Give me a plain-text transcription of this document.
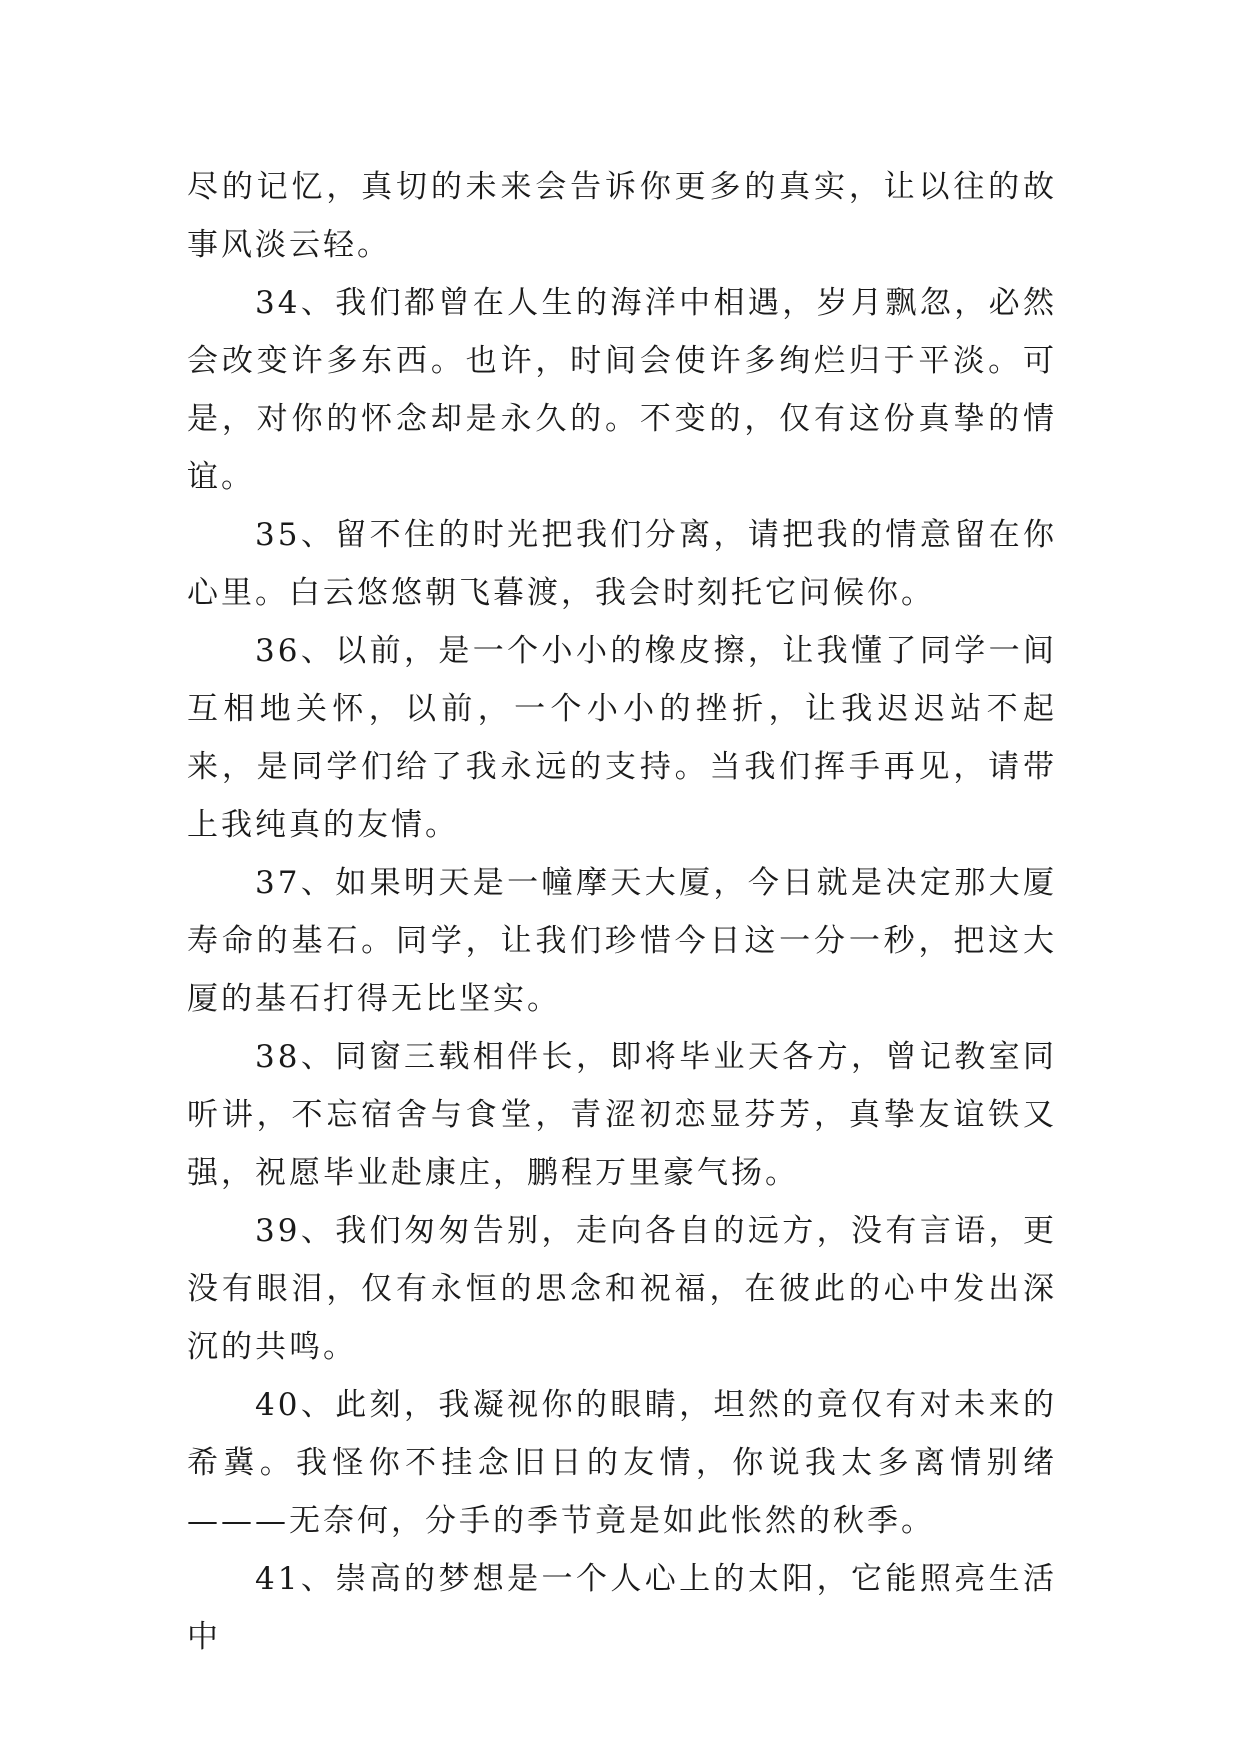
尽的记忆，真切的未来会告诉你更多的真实，让以往的故事风淡云轻。

34、我们都曾在人生的海洋中相遇，岁月飘忽，必然会改变许多东西。也许，时间会使许多绚烂归于平淡。可是，对你的怀念却是永久的。不变的，仅有这份真挚的情谊。

35、留不住的时光把我们分离，请把我的情意留在你心里。白云悠悠朝飞暮渡，我会时刻托它问候你。

36、以前，是一个小小的橡皮擦，让我懂了同学一间互相地关怀，以前，一个小小的挫折，让我迟迟站不起来，是同学们给了我永远的支持。当我们挥手再见，请带上我纯真的友情。

37、如果明天是一幢摩天大厦，今日就是决定那大厦寿命的基石。同学，让我们珍惜今日这一分一秒，把这大厦的基石打得无比坚实。

38、同窗三载相伴长，即将毕业天各方，曾记教室同听讲，不忘宿舍与食堂，青涩初恋显芬芳，真挚友谊铁又强，祝愿毕业赴康庄，鹏程万里豪气扬。

39、我们匆匆告别，走向各自的远方，没有言语，更没有眼泪，仅有永恒的思念和祝福，在彼此的心中发出深沉的共鸣。

40、此刻，我凝视你的眼睛，坦然的竟仅有对未来的希冀。我怪你不挂念旧日的友情，你说我太多离情别绪———无奈何，分手的季节竟是如此怅然的秋季。

41、崇高的梦想是一个人心上的太阳，它能照亮生活中
